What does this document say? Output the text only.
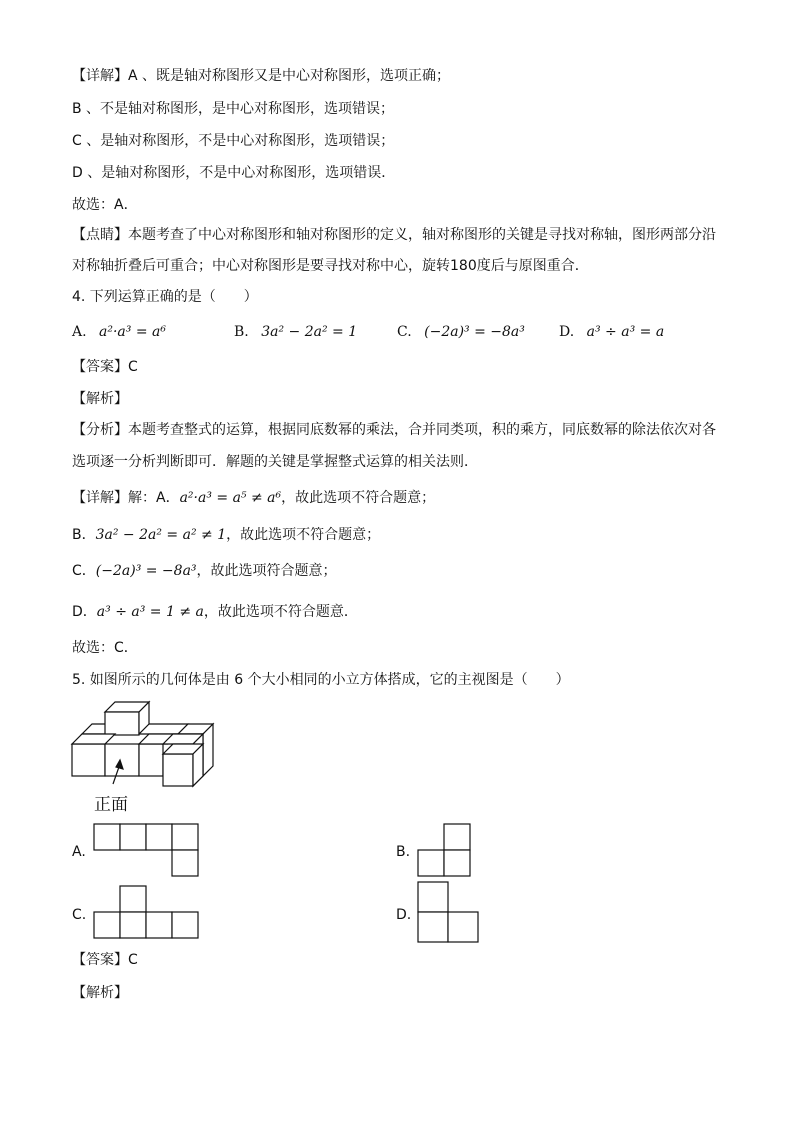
【详解】A 、既是轴对称图形又是中心对称图形，选项正确；
B 、不是轴对称图形，是中心对称图形，选项错误；
C 、是轴对称图形，不是中心对称图形，选项错误；
D 、是轴对称图形，不是中心对称图形，选项错误．
故选：A．
【点睛】本题考查了中心对称图形和轴对称图形的定义，轴对称图形的关键是寻找对称轴，图形两部分沿
对称轴折叠后可重合；中心对称图形是要寻找对称中心，旋转180度后与原图重合．
4. 下列运算正确的是（　　）
A. a²·a³ = a⁶	B. 3a² − 2a² = 1	C. (−2a)³ = −8a³ D. a³ ÷ a³ = a
【答案】C
【解析】
【分析】本题考查整式的运算，根据同底数幂的乘法，合并同类项，积的乘方，同底数幂的除法依次对各
选项逐一分析判断即可．解题的关键是掌握整式运算的相关法则．
【详解】解：A．a²·a³ = a⁵ ≠ a⁶，故此选项不符合题意；
B．3a² − 2a² = a² ≠ 1，故此选项不符合题意；
C．(−2a)³ = −8a³，故此选项符合题意；
D．a³ ÷ a³ = 1 ≠ a，故此选项不符合题意．
故选：C．
5. 如图所示的几何体是由 6 个大小相同的小立方体搭成，它的主视图是（　　）
正面
A.	B.
C.	D.
【答案】C
【解析】
